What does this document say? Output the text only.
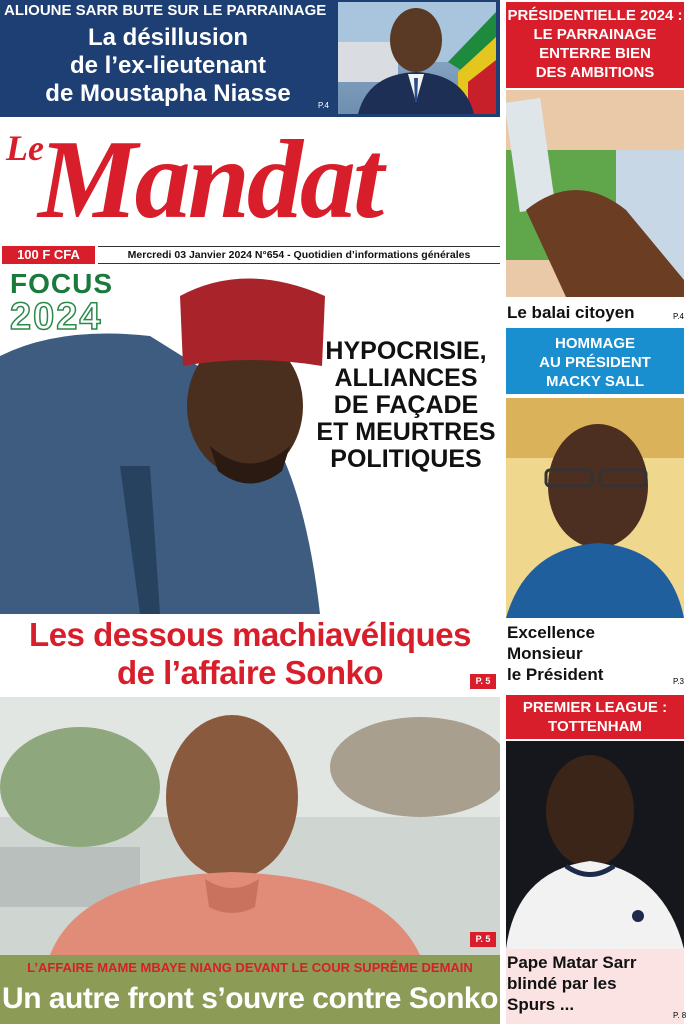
ALIOUNE SARR BUTE SUR LE PARRAINAGE
La désillusion
de l’ex-lieutenant
de Moustapha Niasse	P.4
Le
Mandat
100 F CFA	Mercredi 03 Janvier 2024 N°654 - Quotidien d’informations générales
FOCUS
2024
HYPOCRISIE,
ALLIANCES
DE FAÇADE
ET MEURTRES
POLITIQUES
Les dessous machiavéliques
de l’affaire Sonko	P. 5
P. 5
L’AFFAIRE MAME MBAYE NIANG DEVANT LE COUR SUPRÊME DEMAIN
Un autre front s’ouvre contre Sonko
PRÉSIDENTIELLE 2024 :
LE PARRAINAGE
ENTERRE BIEN
DES AMBITIONS
Le balai citoyen	P.4
HOMMAGE
AU PRÉSIDENT
MACKY SALL
Excellence
Monsieur
le Président	P.3
PREMIER LEAGUE :
TOTTENHAM
Pape Matar Sarr
blindé par les
Spurs ...
P. 8
